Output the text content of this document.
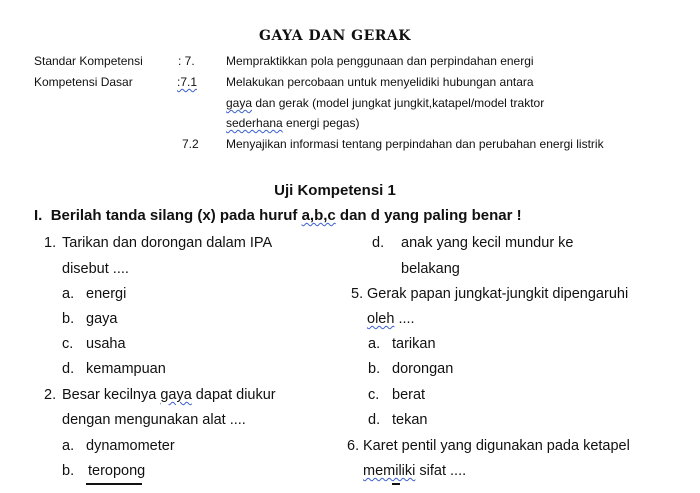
GAYA DAN GERAK
Standar Kompetensi	: 7.	Mempraktikkan pola penggunaan dan perpindahan energi
Kompetensi Dasar	:7.1 Melakukan percobaan untuk menyelidiki hubungan antara
gaya dan gerak (model jungkat jungkit,katapel/model traktor
sederhana energi pegas)
7.2 Menyajikan informasi tentang perpindahan dan perubahan energi listrik
Uji Kompetensi 1
I. Berilah tanda silang (x) pada huruf a,b,c dan d yang paling benar !
1. Tarikan dan dorongan dalam IPA
disebut ....
a. energi
b. gaya
c. usaha
d. kemampuan
2. Besar kecilnya gaya dapat diukur
dengan mengunakan alat ....
a. dynamometer
b. teropong
d. anak yang kecil mundur ke
belakang
5. Gerak papan jungkat-jungkit dipengaruhi
oleh ....
a. tarikan
b. dorongan
c. berat
d. tekan
6. Karet pentil yang digunakan pada ketapel
memiliki sifat ....
